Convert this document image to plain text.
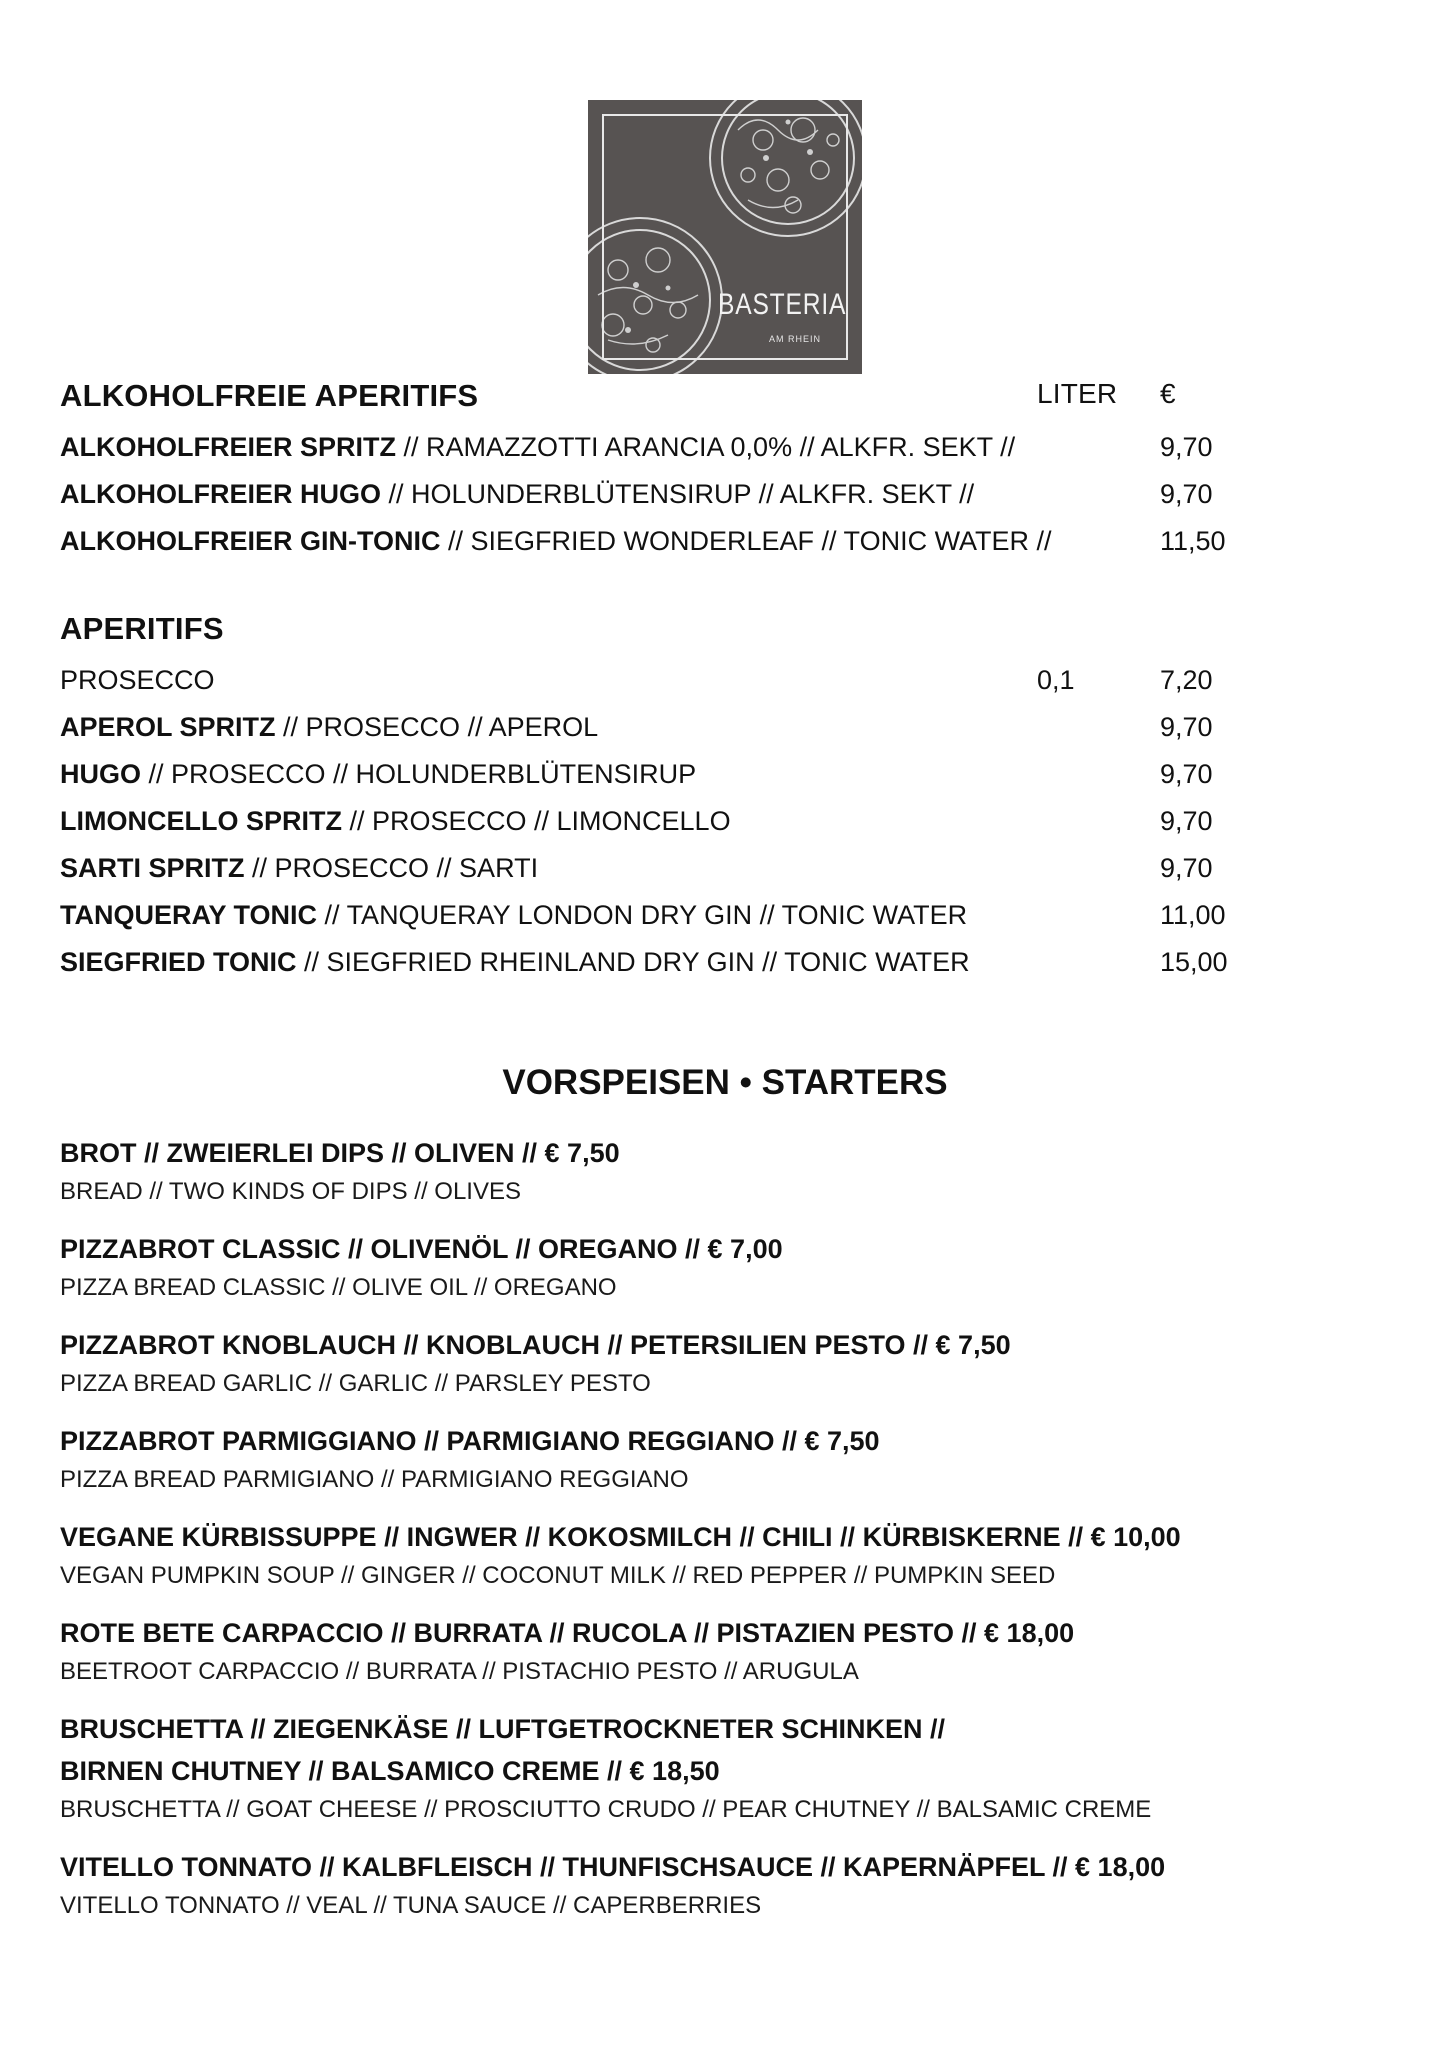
BASTERIA
AM RHEIN
ALKOHOLFREIE APERITIFS	LITER €
ALKOHOLFREIER SPRITZ // RAMAZZOTTI ARANCIA 0,0% // ALKFR. SEKT //	9,70
ALKOHOLFREIER HUGO // HOLUNDERBLÜTENSIRUP // ALKFR. SEKT //	9,70
ALKOHOLFREIER GIN-TONIC // SIEGFRIED WONDERLEAF // TONIC WATER //	11,50
APERITIFS
PROSECCO	0,1	7,20
APEROL SPRITZ // PROSECCO // APEROL	9,70
HUGO // PROSECCO // HOLUNDERBLÜTENSIRUP	9,70
LIMONCELLO SPRITZ // PROSECCO // LIMONCELLO	9,70
SARTI SPRITZ // PROSECCO // SARTI	9,70
TANQUERAY TONIC // TANQUERAY LONDON DRY GIN // TONIC WATER	11,00
SIEGFRIED TONIC // SIEGFRIED RHEINLAND DRY GIN // TONIC WATER	15,00
VORSPEISEN • STARTERS
BROT // ZWEIERLEI DIPS // OLIVEN // € 7,50
BREAD // TWO KINDS OF DIPS // OLIVES
PIZZABROT CLASSIC // OLIVENÖL // OREGANO // € 7,00
PIZZA BREAD CLASSIC // OLIVE OIL // OREGANO
PIZZABROT KNOBLAUCH // KNOBLAUCH // PETERSILIEN PESTO // € 7,50
PIZZA BREAD GARLIC // GARLIC // PARSLEY PESTO
PIZZABROT PARMIGGIANO // PARMIGIANO REGGIANO // € 7,50
PIZZA BREAD PARMIGIANO // PARMIGIANO REGGIANO
VEGANE KÜRBISSUPPE // INGWER // KOKOSMILCH // CHILI // KÜRBISKERNE // € 10,00
VEGAN PUMPKIN SOUP // GINGER // COCONUT MILK // RED PEPPER // PUMPKIN SEED
ROTE BETE CARPACCIO // BURRATA // RUCOLA // PISTAZIEN PESTO // € 18,00
BEETROOT CARPACCIO // BURRATA // PISTACHIO PESTO // ARUGULA
BRUSCHETTA // ZIEGENKÄSE // LUFTGETROCKNETER SCHINKEN //
BIRNEN CHUTNEY // BALSAMICO CREME // € 18,50
BRUSCHETTA // GOAT CHEESE // PROSCIUTTO CRUDO // PEAR CHUTNEY // BALSAMIC CREME
VITELLO TONNATO // KALBFLEISCH // THUNFISCHSAUCE // KAPERNÄPFEL // € 18,00
VITELLO TONNATO // VEAL // TUNA SAUCE // CAPERBERRIES
